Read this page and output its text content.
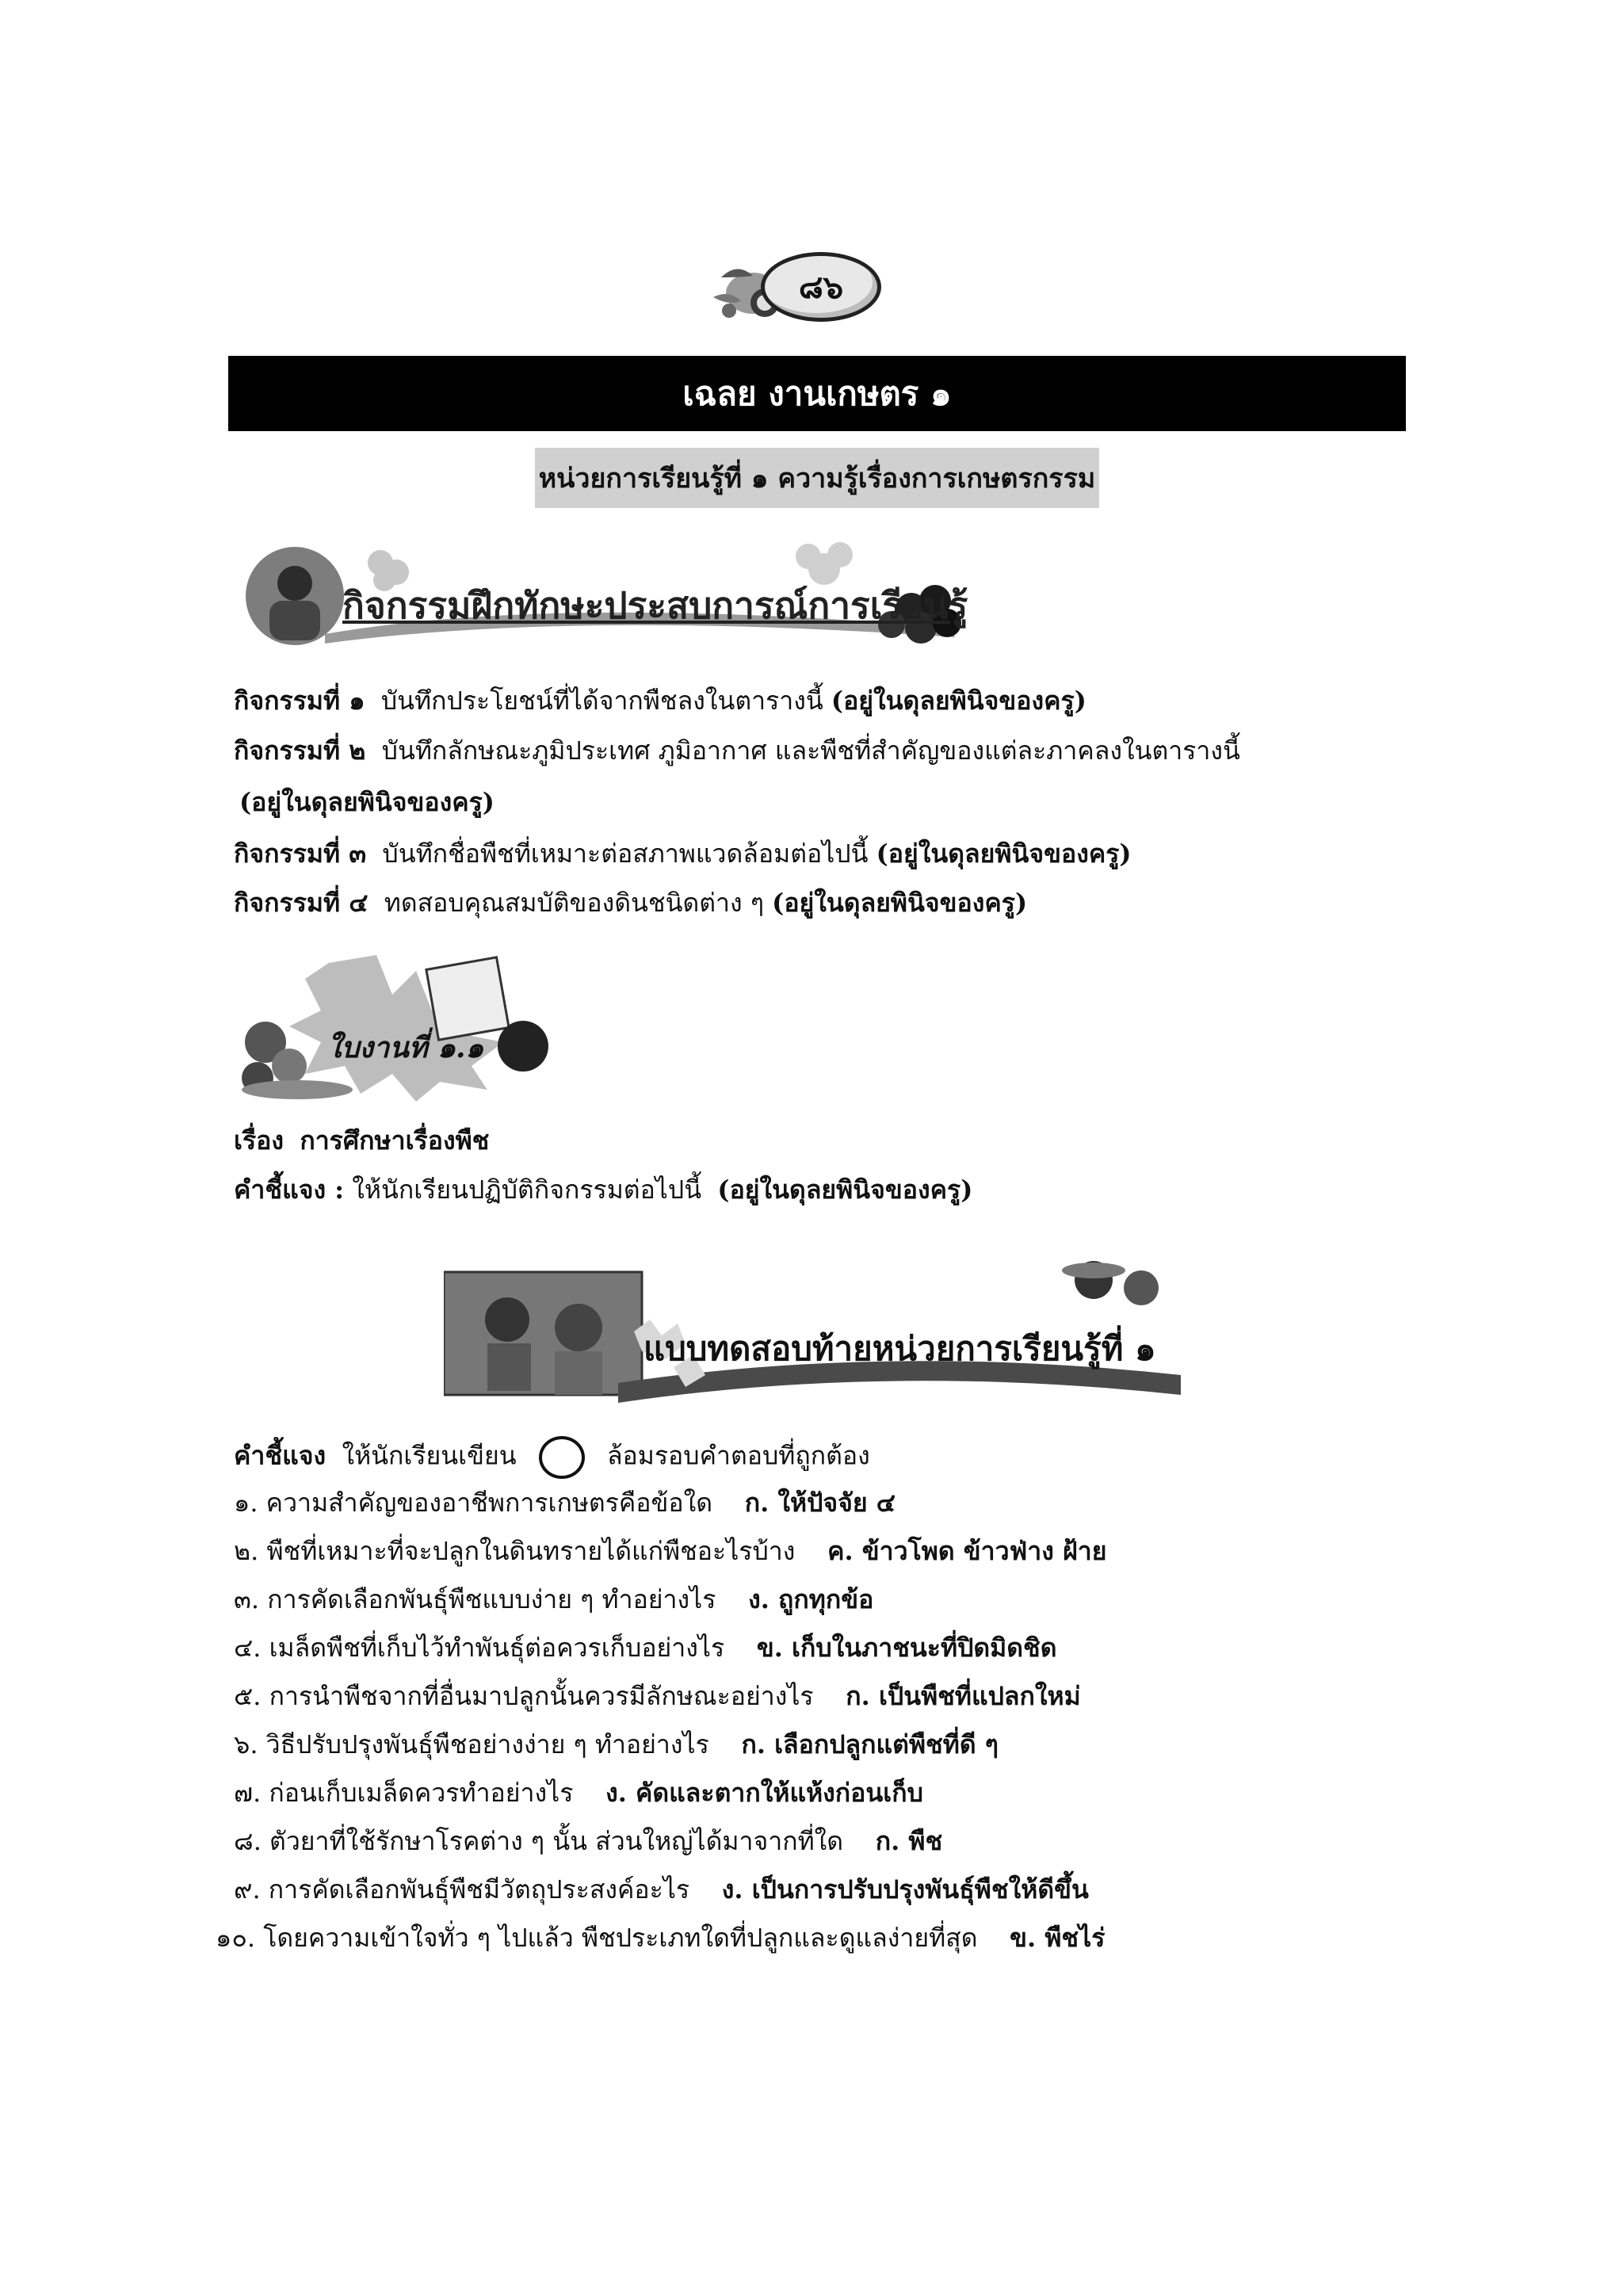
๘๖
เฉลย งานเกษตร ๑
หน่วยการเรียนรู้ที่ ๑ ความรู้เรื่องการเกษตรกรรม
กิจกรรมฝึกทักษะประสบการณ์การเรียนรู้
กิจกรรมที่ ๑ บันทึกประโยชน์ที่ได้จากพืชลงในตารางนี้ (อยู่ในดุลยพินิจของครู)
กิจกรรมที่ ๒ บันทึกลักษณะภูมิประเทศ ภูมิอากาศ และพืชที่สำคัญของแต่ละภาคลงในตารางนี้
(อยู่ในดุลยพินิจของครู)
กิจกรรมที่ ๓ บันทึกชื่อพืชที่เหมาะต่อสภาพแวดล้อมต่อไปนี้ (อยู่ในดุลยพินิจของครู)
กิจกรรมที่ ๔ ทดสอบคุณสมบัติของดินชนิดต่าง ๆ (อยู่ในดุลยพินิจของครู)
ใบงานที่ ๑.๑
เรื่อง การศึกษาเรื่องพืช
คำชี้แจง : ให้นักเรียนปฏิบัติกิจกรรมต่อไปนี้ (อยู่ในดุลยพินิจของครู)
แบบทดสอบท้ายหน่วยการเรียนรู้ที่ ๑
คำชี้แจง ให้นักเรียนเขียน	ล้อมรอบคำตอบที่ถูกต้อง
๑. ความสำคัญของอาชีพการเกษตรคือข้อใด ก. ให้ปัจจัย ๔
๒. พืชที่เหมาะที่จะปลูกในดินทรายได้แก่พืชอะไรบ้าง ค. ข้าวโพด ข้าวฟ่าง ฝ้าย
๓. การคัดเลือกพันธุ์พืชแบบง่าย ๆ ทำอย่างไร ง. ถูกทุกข้อ
๔. เมล็ดพืชที่เก็บไว้ทำพันธุ์ต่อควรเก็บอย่างไร ข. เก็บในภาชนะที่ปิดมิดชิด
๕. การนำพืชจากที่อื่นมาปลูกนั้นควรมีลักษณะอย่างไร ก. เป็นพืชที่แปลกใหม่
๖. วิธีปรับปรุงพันธุ์พืชอย่างง่าย ๆ ทำอย่างไร ก. เลือกปลูกแต่พืชที่ดี ๆ
๗. ก่อนเก็บเมล็ดควรทำอย่างไร ง. คัดและตากให้แห้งก่อนเก็บ
๘. ตัวยาที่ใช้รักษาโรคต่าง ๆ นั้น ส่วนใหญ่ได้มาจากที่ใด ก. พืช
๙. การคัดเลือกพันธุ์พืชมีวัตถุประสงค์อะไร ง. เป็นการปรับปรุงพันธุ์พืชให้ดีขึ้น
๑๐. โดยความเข้าใจทั่ว ๆ ไปแล้ว พืชประเภทใดที่ปลูกและดูแลง่ายที่สุด ข. พืชไร่
